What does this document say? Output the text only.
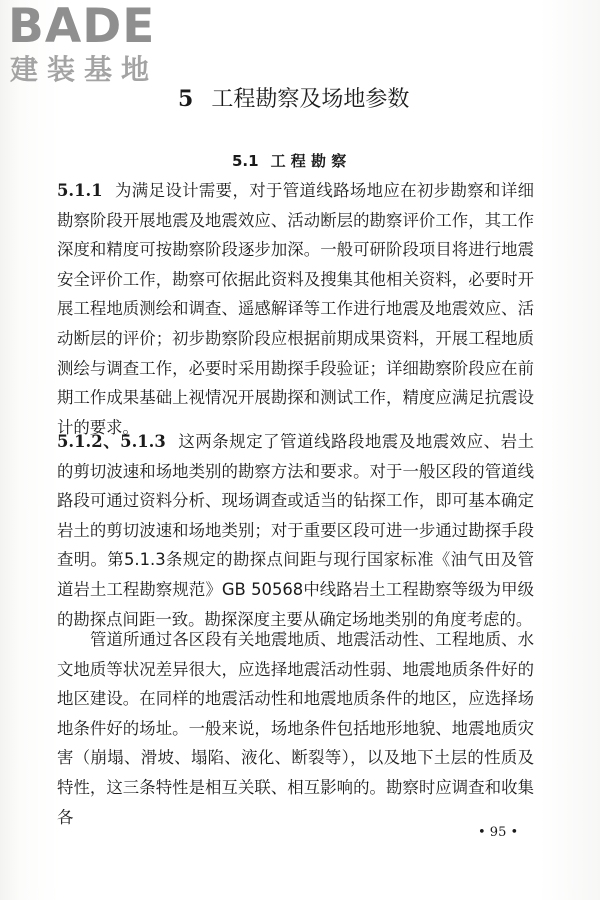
BADE
建装基地
5 工程勘察及场地参数
5.1 工 程 勘 察
5.1.1 为满足设计需要，对于管道线路场地应在初步勘察和详细勘察阶段开展地震及地震效应、活动断层的勘察评价工作，其工作深度和精度可按勘察阶段逐步加深。一般可研阶段项目将进行地震安全评价工作，勘察可依据此资料及搜集其他相关资料，必要时开展工程地质测绘和调查、遥感解译等工作进行地震及地震效应、活动断层的评价；初步勘察阶段应根据前期成果资料，开展工程地质测绘与调查工作，必要时采用勘探手段验证；详细勘察阶段应在前期工作成果基础上视情况开展勘探和测试工作，精度应满足抗震设计的要求。
5.1.2、5.1.3 这两条规定了管道线路段地震及地震效应、岩土的剪切波速和场地类别的勘察方法和要求。对于一般区段的管道线路段可通过资料分析、现场调查或适当的钻探工作，即可基本确定岩土的剪切波速和场地类别；对于重要区段可进一步通过勘探手段查明。第5.1.3条规定的勘探点间距与现行国家标准《油气田及管道岩土工程勘察规范》GB 50568中线路岩土工程勘察等级为甲级的勘探点间距一致。勘探深度主要从确定场地类别的角度考虑的。
管道所通过各区段有关地震地质、地震活动性、工程地质、水文地质等状况差异很大，应选择地震活动性弱、地震地质条件好的地区建设。在同样的地震活动性和地震地质条件的地区，应选择场地条件好的场址。一般来说，场地条件包括地形地貌、地震地质灾害（崩塌、滑坡、塌陷、液化、断裂等），以及地下土层的性质及特性，这三条特性是相互关联、相互影响的。勘察时应调查和收集各
• 95 •
